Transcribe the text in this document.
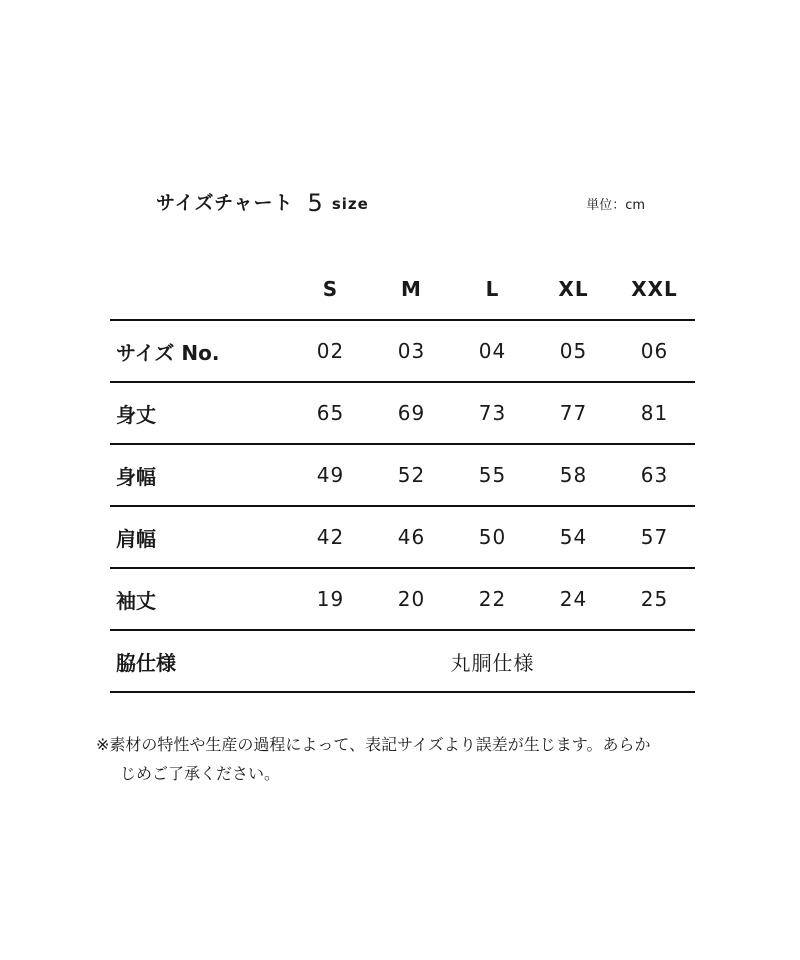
サイズチャート 5 size	単位：cm
	S	M	L	XL	XXL
サイズ No.	02	03	04	05	06
身丈	65	69	73	77	81
身幅	49	52	55	58	63
肩幅	42	46	50	54	57
袖丈	19	20	22	24	25
脇仕様	丸胴仕様				
※素材の特性や生産の過程によって、表記サイズより誤差が生じます。あらか
じめご了承ください。
